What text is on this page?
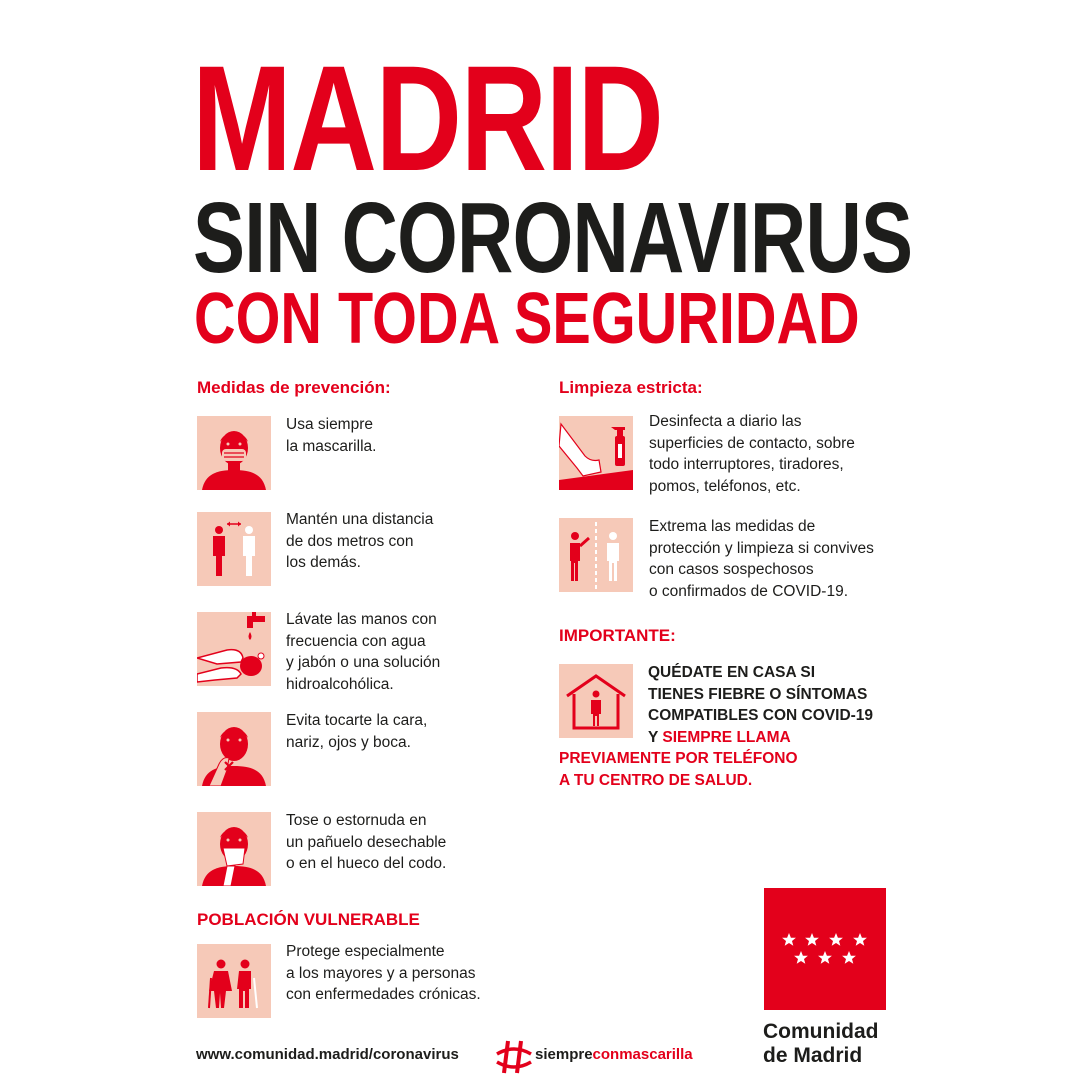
MADRID
SIN CORONAVIRUS
CON TODA SEGURIDAD
Medidas de prevención:
Usa siempre
la mascarilla.
Mantén una distancia
de dos metros con
los demás.
Lávate las manos con
frecuencia con agua
y jabón o una solución
hidroalcohólica.
Evita tocarte la cara,
nariz, ojos y boca.
Tose o estornuda en
un pañuelo desechable
o en el hueco del codo.
POBLACIÓN VULNERABLE
Protege especialmente
a los mayores y a personas
con enfermedades crónicas.
Limpieza estricta:
Desinfecta a diario las
superficies de contacto, sobre
todo interruptores, tiradores,
pomos, teléfonos, etc.
Extrema las medidas de
protección y limpieza si convives
con casos sospechosos
o confirmados de COVID-19.
IMPORTANTE:
QUÉDATE EN CASA SI
TIENES FIEBRE O SÍNTOMAS
COMPATIBLES CON COVID-19
Y SIEMPRE LLAMA
PREVIAMENTE POR TELÉFONO
A TU CENTRO DE SALUD.
Comunidad
de Madrid
www.comunidad.madrid/coronavirus	siempreconmascarilla
